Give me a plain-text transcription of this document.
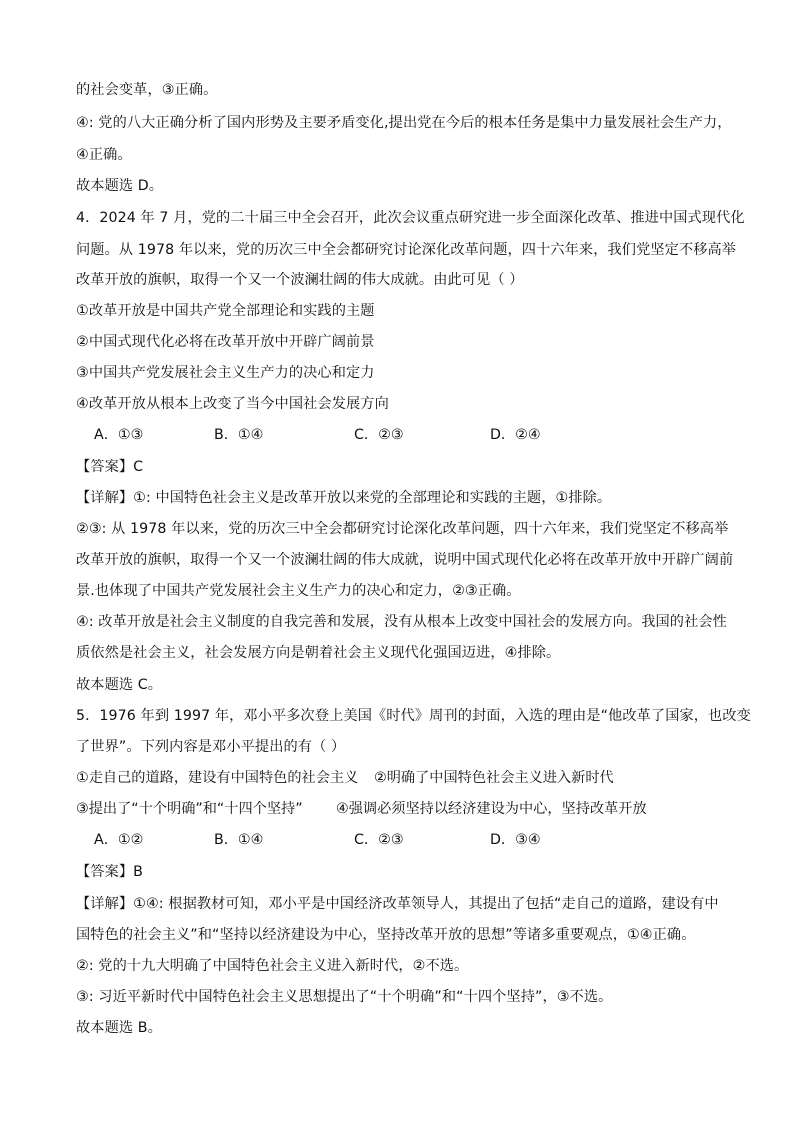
的社会变革，③正确。
④: 党的八大正确分析了国内形势及主要矛盾变化,提出党在今后的根本任务是集中力量发展社会生产力，
④正确。
故本题选 D。
4．2024 年 7 月，党的二十届三中全会召开，此次会议重点研究进一步全面深化改革、推进中国式现代化
问题。从 1978 年以来，党的历次三中全会都研究讨论深化改革问题，四十六年来，我们党坚定不移高举
改革开放的旗帜，取得一个又一个波澜壮阔的伟大成就。由此可见（ ）
①改革开放是中国共产党全部理论和实践的主题
②中国式现代化必将在改革开放中开辟广阔前景
③中国共产党发展社会主义生产力的决心和定力
④改革开放从根本上改变了当今中国社会发展方向
A．①③	B．①④	C．②③	D．②④
【答案】C
【详解】①: 中国特色社会主义是改革开放以来党的全部理论和实践的主题，①排除。
②③: 从 1978 年以来，党的历次三中全会都研究讨论深化改革问题，四十六年来，我们党坚定不移高举
改革开放的旗帜，取得一个又一个波澜壮阔的伟大成就，说明中国式现代化必将在改革开放中开辟广阔前
景.也体现了中国共产党发展社会主义生产力的决心和定力，②③正确。
④: 改革开放是社会主义制度的自我完善和发展，没有从根本上改变中国社会的发展方向。我国的社会性
质依然是社会主义，社会发展方向是朝着社会主义现代化强国迈进，④排除。
故本题选 C。
5．1976 年到 1997 年，邓小平多次登上美国《时代》周刊的封面，入选的理由是“他改革了国家，也改变
了世界”。下列内容是邓小平提出的有（ ）
①走自己的道路，建设有中国特色的社会主义 ②明确了中国特色社会主义进入新时代
③提出了“十个明确”和“十四个坚持” ④强调必须坚持以经济建设为中心，坚持改革开放
A．①②	B．①④	C．②③	D．③④
【答案】B
【详解】①④: 根据教材可知，邓小平是中国经济改革领导人，其提出了包括“走自己的道路，建设有中
国特色的社会主义”和“坚持以经济建设为中心，坚持改革开放的思想”等诸多重要观点，①④正确。
②: 党的十九大明确了中国特色社会主义进入新时代，②不选。
③: 习近平新时代中国特色社会主义思想提出了“十个明确”和“十四个坚持”，③不选。
故本题选 B。
